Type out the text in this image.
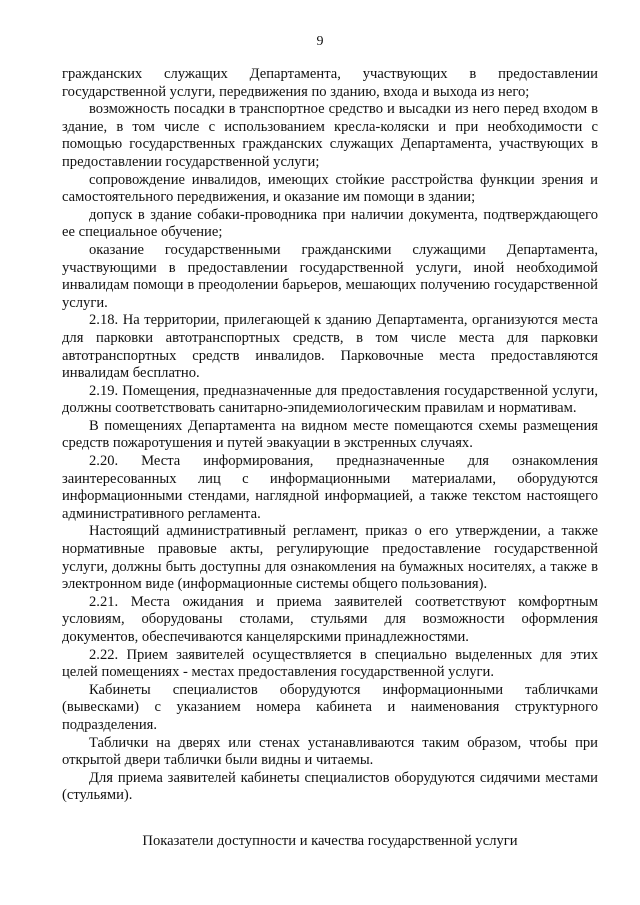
9

гражданских служащих Департамента, участвующих в предоставлении государственной услуги, передвижения по зданию, входа и выхода из него;

возможность посадки в транспортное средство и высадки из него перед входом в здание, в том числе с использованием кресла-коляски и при необходимости с помощью государственных гражданских служащих Департамента, участвующих в предоставлении государственной услуги;

сопровождение инвалидов, имеющих стойкие расстройства функции зрения и самостоятельного передвижения, и оказание им помощи в здании;

допуск в здание собаки-проводника при наличии документа, подтверждающего ее специальное обучение;

оказание государственными гражданскими служащими Департамента, участвующими в предоставлении государственной услуги, иной необходимой инвалидам помощи в преодолении барьеров, мешающих получению государственной услуги.

2.18. На территории, прилегающей к зданию Департамента, организуются места для парковки автотранспортных средств, в том числе места для парковки автотранспортных средств инвалидов. Парковочные места предоставляются инвалидам бесплатно.

2.19. Помещения, предназначенные для предоставления государственной услуги, должны соответствовать санитарно-эпидемиологическим правилам и нормативам.

В помещениях Департамента на видном месте помещаются схемы размещения средств пожаротушения и путей эвакуации в экстренных случаях.

2.20. Места информирования, предназначенные для ознакомления заинтересованных лиц с информационными материалами, оборудуются информационными стендами, наглядной информацией, а также текстом настоящего административного регламента.

Настоящий административный регламент, приказ о его утверждении, а также нормативные правовые акты, регулирующие предоставление государственной услуги, должны быть доступны для ознакомления на бумажных носителях, а также в электронном виде (информационные системы общего пользования).

2.21. Места ожидания и приема заявителей соответствуют комфортным условиям, оборудованы столами, стульями для возможности оформления документов, обеспечиваются канцелярскими принадлежностями.

2.22. Прием заявителей осуществляется в специально выделенных для этих целей помещениях - местах предоставления государственной услуги.

Кабинеты специалистов оборудуются информационными табличками (вывесками) с указанием номера кабинета и наименования структурного подразделения.

Таблички на дверях или стенах устанавливаются таким образом, чтобы при открытой двери таблички были видны и читаемы.

Для приема заявителей кабинеты специалистов оборудуются сидячими местами (стульями).

Показатели доступности и качества государственной услуги
